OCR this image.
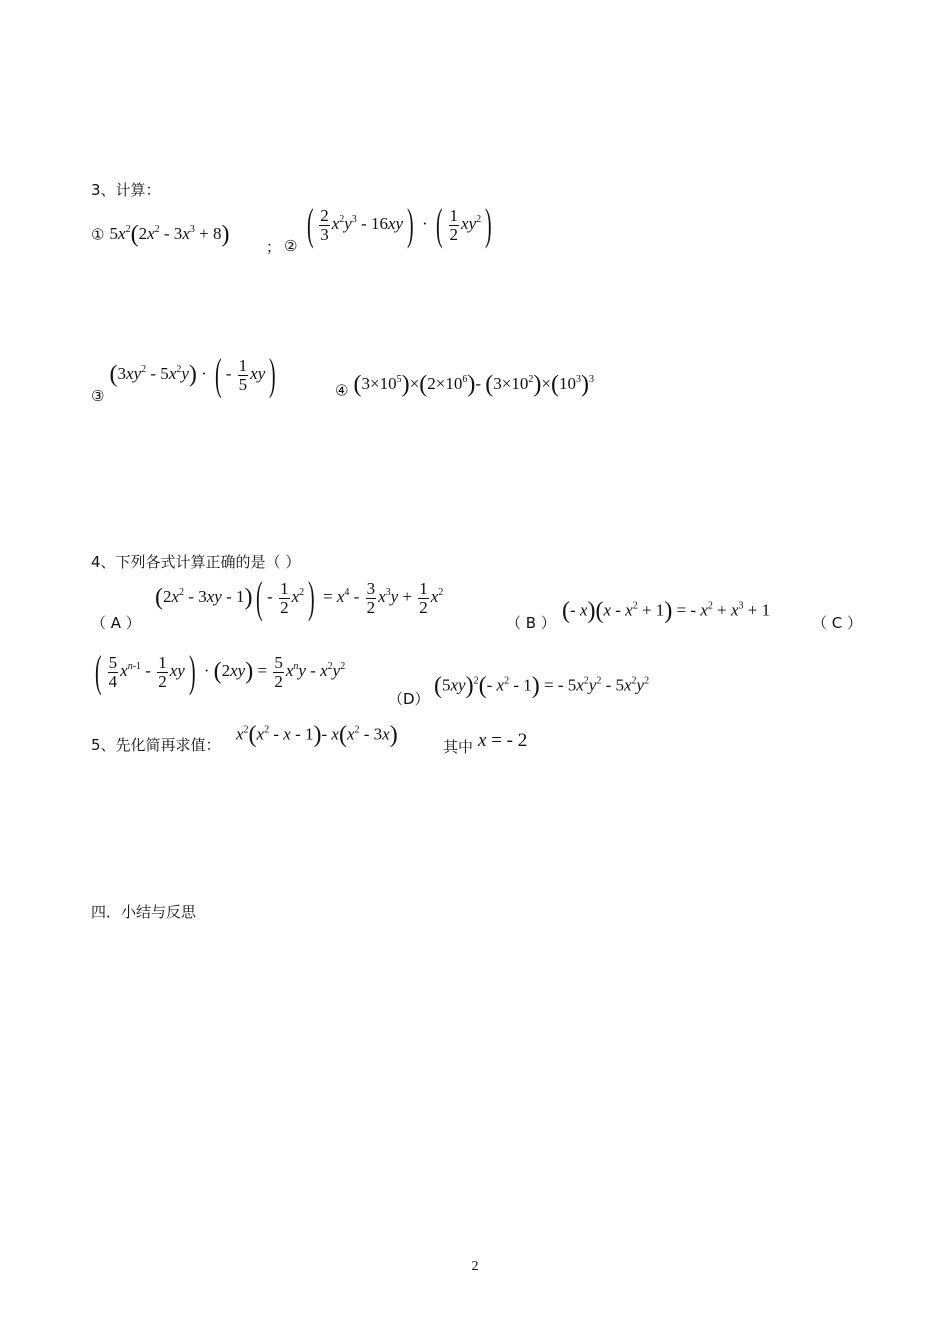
3、计算：
① $5x^2(2x^2 - 3x^3 + 8)$ ； ② ( $\frac{2}{3} x^2y^3 - 16xy$) · ( $\frac{1}{2} xy^2$)
③ $(3xy^2 - 5x^2y)$ · ( - $\frac{1}{5} xy$)	④ $(3\times 10^5)\times(2\times 10^6)-$ $(3\times 10^2)\times(10^3)^3$
4、下列各式计算正确的是（ ）
（ A ）
$(2x^2 - 3xy - 1)( - \frac{1}{2} x^2) = x^4 - \frac{3}{2} x^3y + \frac{1}{2} x^2$
（ B ） (- $x)(x - x^2 + 1)$ = - $x^2 + x^3 + 1$
（ C ）
( $\frac{5}{4} x^{n-1} - \frac{1}{2} xy) \cdot (2xy) = \frac{5}{2} x^ny - x^2y^2$
（D） $(5xy)^2(-$ $x^2 - 1$) = - $5x^2y^2 - 5x^2y^2$
5、先化简再求值：
$x^2(x^2$ - x - 1)- $x(x^2 - 3x)$	其中 x = - 2
四．小结与反思
2
